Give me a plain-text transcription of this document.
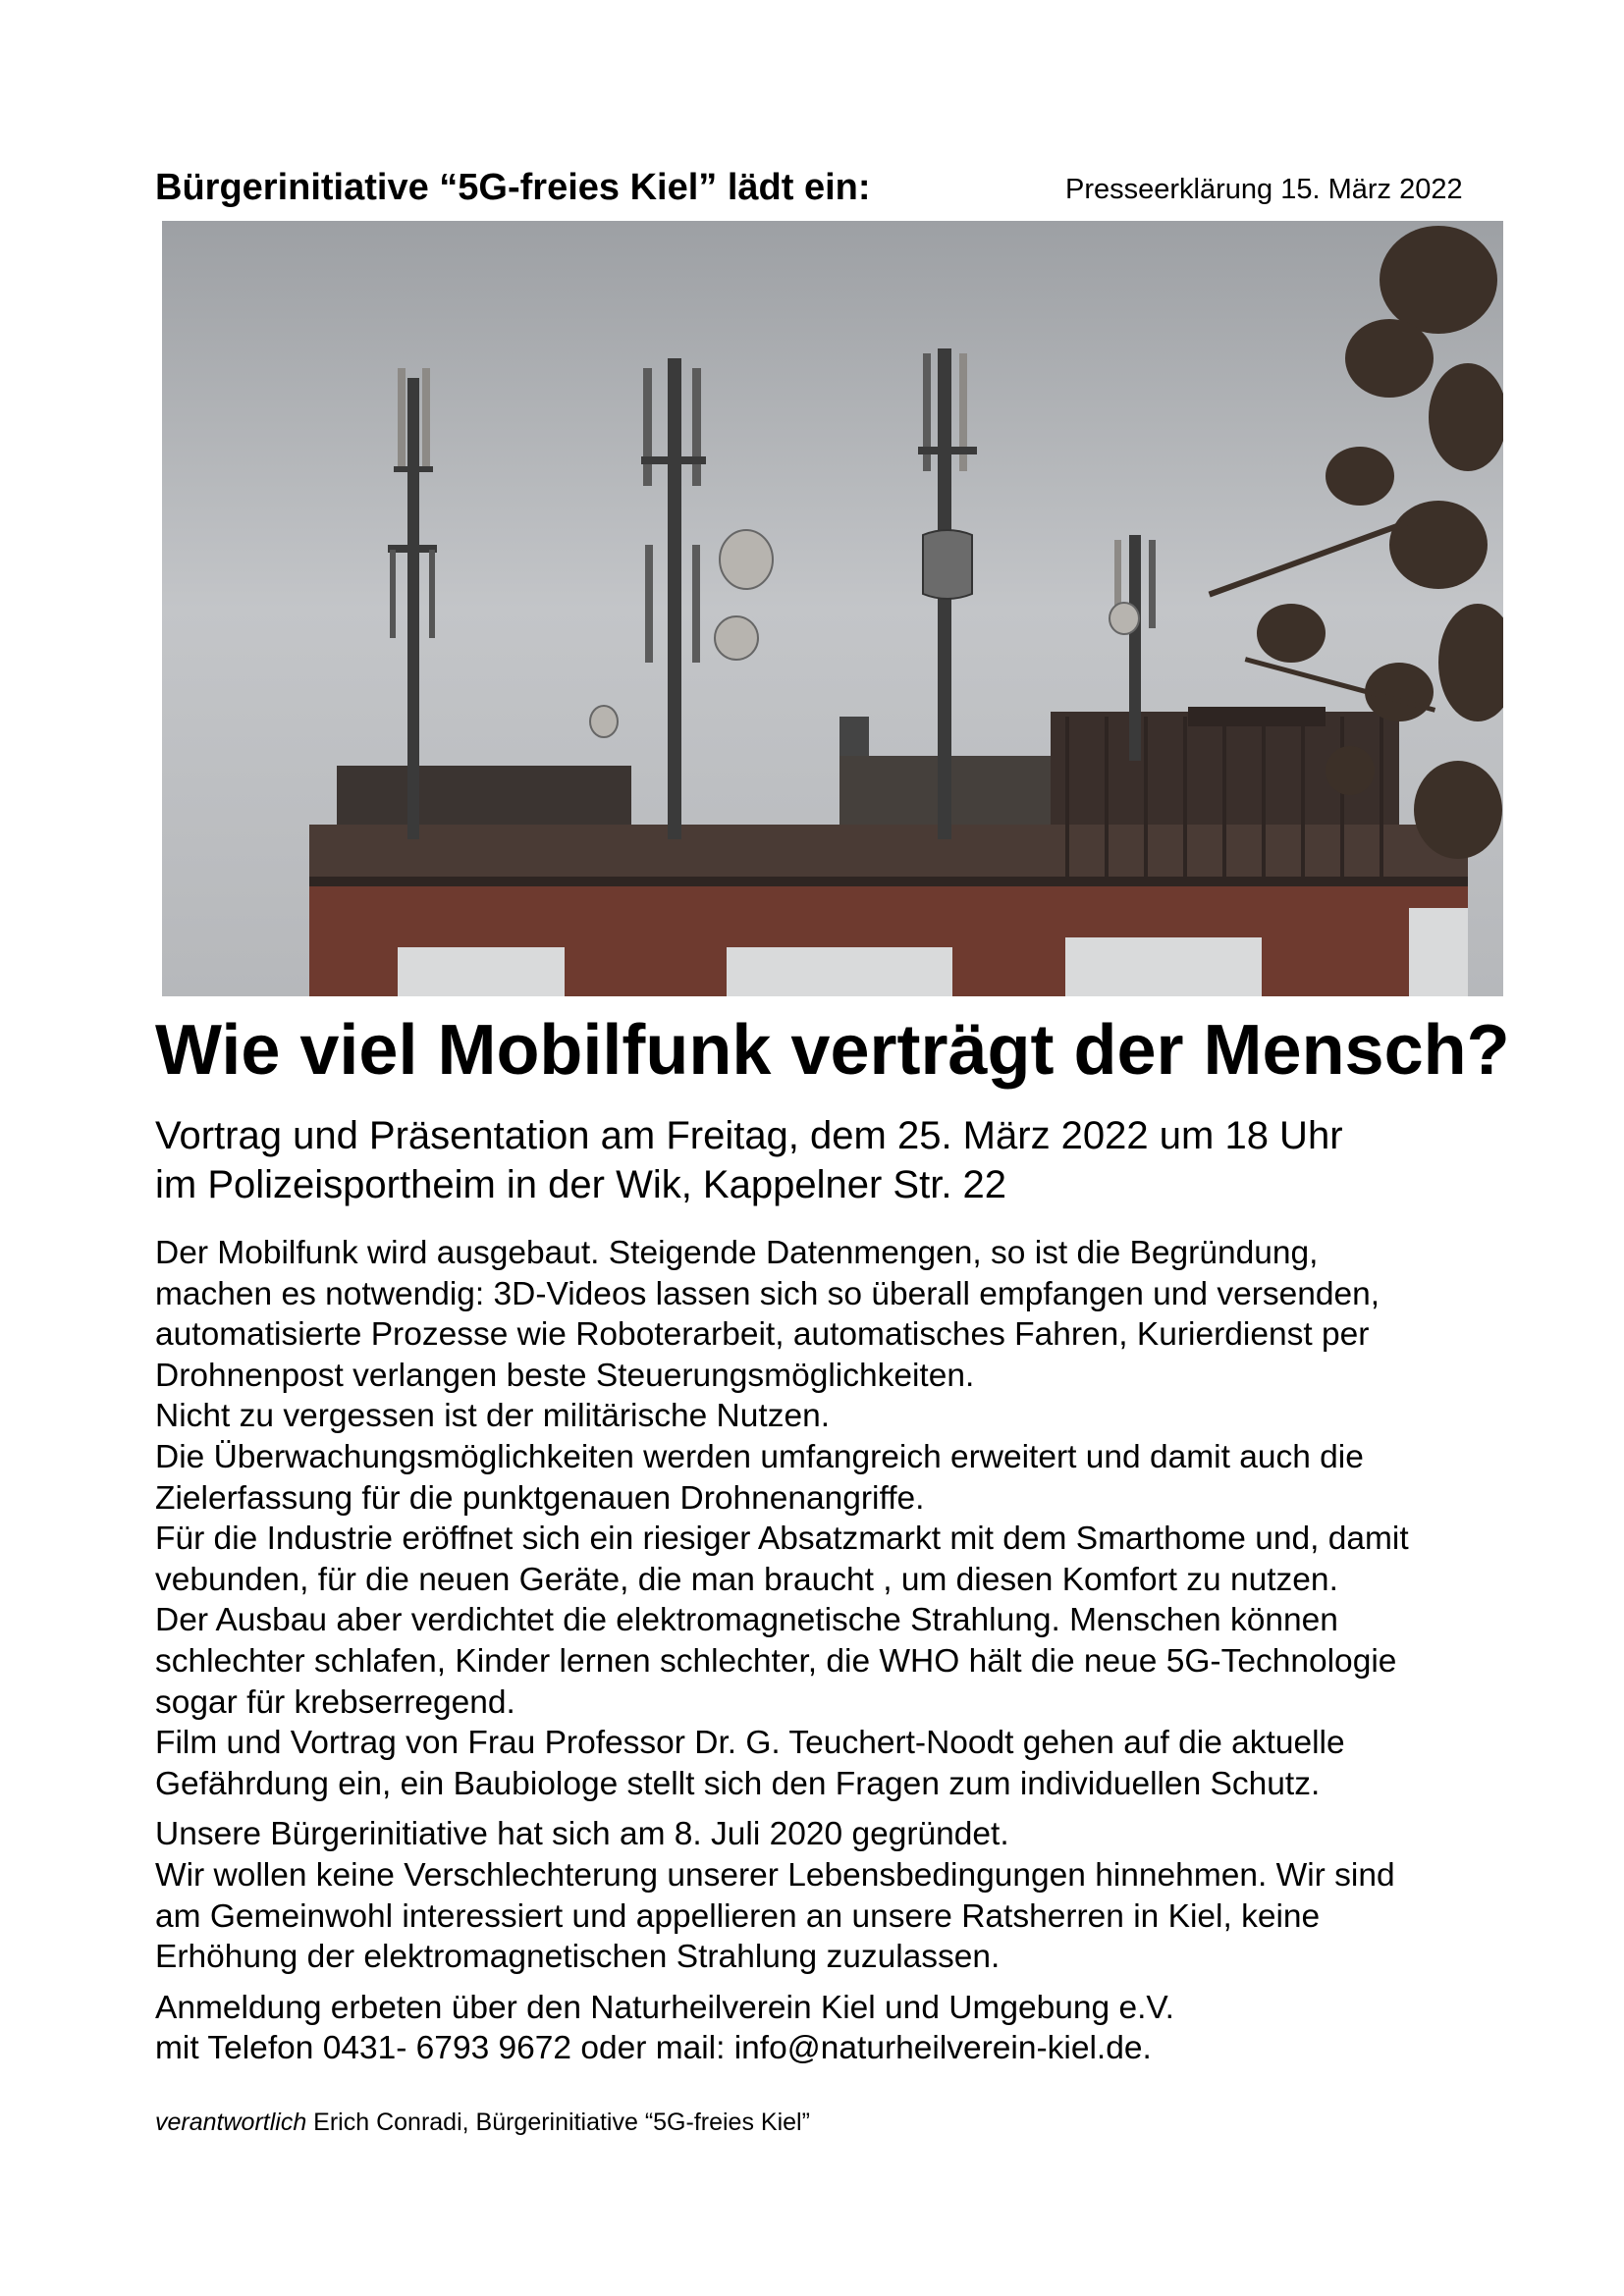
Bürgerinitiative “5G-freies Kiel” lädt ein:	Presseerklärung 15. März 2022
Wie viel Mobilfunk verträgt der Mensch?
Vortrag und Präsentation am Freitag, dem 25. März 2022 um 18 Uhr
im Polizeisportheim in der Wik, Kappelner Str. 22
Der Mobilfunk wird ausgebaut. Steigende Datenmengen, so ist die Begründung,
machen es notwendig: 3D-Videos lassen sich so überall empfangen und versenden,
automatisierte Prozesse wie Roboterarbeit, automatisches Fahren, Kurierdienst per
Drohnenpost verlangen beste Steuerungsmöglichkeiten.
Nicht zu vergessen ist der militärische Nutzen.
Die Überwachungsmöglichkeiten werden umfangreich erweitert und damit auch die
Zielerfassung für die punktgenauen Drohnenangriffe.
Für die Industrie eröffnet sich ein riesiger Absatzmarkt mit dem Smarthome und, damit
vebunden, für die neuen Geräte, die man braucht , um diesen Komfort zu nutzen.
Der Ausbau aber verdichtet die elektromagnetische Strahlung. Menschen können
schlechter schlafen, Kinder lernen schlechter, die WHO hält die neue 5G-Technologie
sogar für krebserregend.
Film und Vortrag von Frau Professor Dr. G. Teuchert-Noodt gehen auf die aktuelle
Gefährdung ein, ein Baubiologe stellt sich den Fragen zum individuellen Schutz.
Unsere Bürgerinitiative hat sich am 8. Juli 2020 gegründet.
Wir wollen keine Verschlechterung unserer Lebensbedingungen hinnehmen. Wir sind
am Gemeinwohl interessiert und appellieren an unsere Ratsherren in Kiel, keine
Erhöhung der elektromagnetischen Strahlung zuzulassen.
Anmeldung erbeten über den Naturheilverein Kiel und Umgebung e.V.
mit Telefon 0431- 6793 9672 oder mail: info@naturheilverein-kiel.de.
verantwortlich Erich Conradi, Bürgerinitiative “5G-freies Kiel”
